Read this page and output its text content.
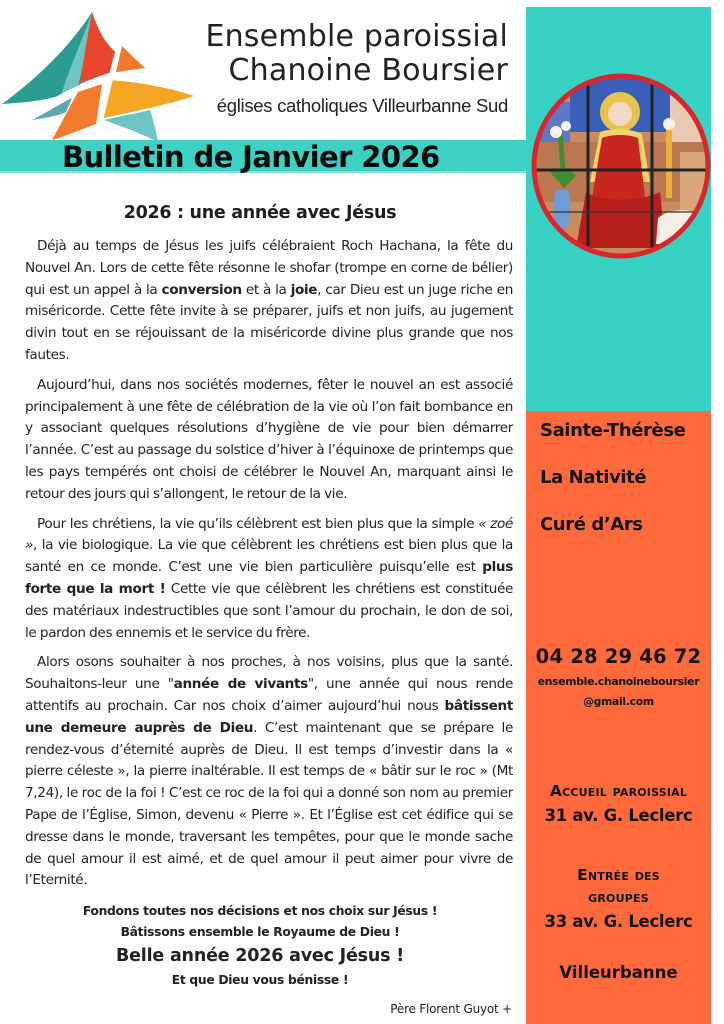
Ensemble paroissial
Chanoine Boursier
églises catholiques Villeurbanne Sud
Bulletin de Janvier 2026
Sainte-Thérèse
La Nativité
Curé d’Ars
04 28 29 46 72
ensemble.chanoineboursier
@gmail.com
Accueil paroissial
31 av. G. Leclerc
Entrée des
groupes
33 av. G. Leclerc
Villeurbanne
2026 : une année avec Jésus

Déjà au temps de Jésus les juifs célébraient Roch Hachana, la fête du Nouvel An. Lors de cette fête résonne le shofar (trompe en corne de bélier) qui est un appel à la conversion et à la joie, car Dieu est un juge riche en miséricorde. Cette fête invite à se préparer, juifs et non juifs, au jugement divin tout en se réjouissant de la miséricorde divine plus grande que nos fautes.

Aujourd’hui, dans nos sociétés modernes, fêter le nouvel an est associé principalement à une fête de célébration de la vie où l’on fait bombance en y associant quelques résolutions d’hygiène de vie pour bien démarrer l’année. C’est au passage du solstice d’hiver à l’équinoxe de printemps que les pays tempérés ont choisi de célébrer le Nouvel An, marquant ainsi le retour des jours qui s’allongent, le retour de la vie.

Pour les chrétiens, la vie qu’ils célèbrent est bien plus que la simple « zoé », la vie biologique. La vie que célèbrent les chrétiens est bien plus que la santé en ce monde. C’est une vie bien particulière puisqu’elle est plus forte que la mort ! Cette vie que célèbrent les chrétiens est constituée des matériaux indestructibles que sont l’amour du prochain, le don de soi, le pardon des ennemis et le service du frère.

Alors osons souhaiter à nos proches, à nos voisins, plus que la santé. Souhaitons-leur une "année de vivants", une année qui nous rende attentifs au prochain. Car nos choix d’aimer aujourd’hui nous bâtissent une demeure auprès de Dieu. C’est maintenant que se prépare le rendez-vous d’éternité auprès de Dieu. Il est temps d’investir dans la « pierre céleste », la pierre inaltérable. Il est temps de « bâtir sur le roc » (Mt 7,24), le roc de la foi ! C’est ce roc de la foi qui a donné son nom au premier Pape de l’Église, Simon, devenu « Pierre ». Et l’Église est cet édifice qui se dresse dans le monde, traversant les tempêtes, pour que le monde sache de quel amour il est aimé, et de quel amour il peut aimer pour vivre de l’Eternité.

Fondons toutes nos décisions et nos choix sur Jésus !
Bâtissons ensemble le Royaume de Dieu !
Belle année 2026 avec Jésus !
Et que Dieu vous bénisse !
Père Florent Guyot +
